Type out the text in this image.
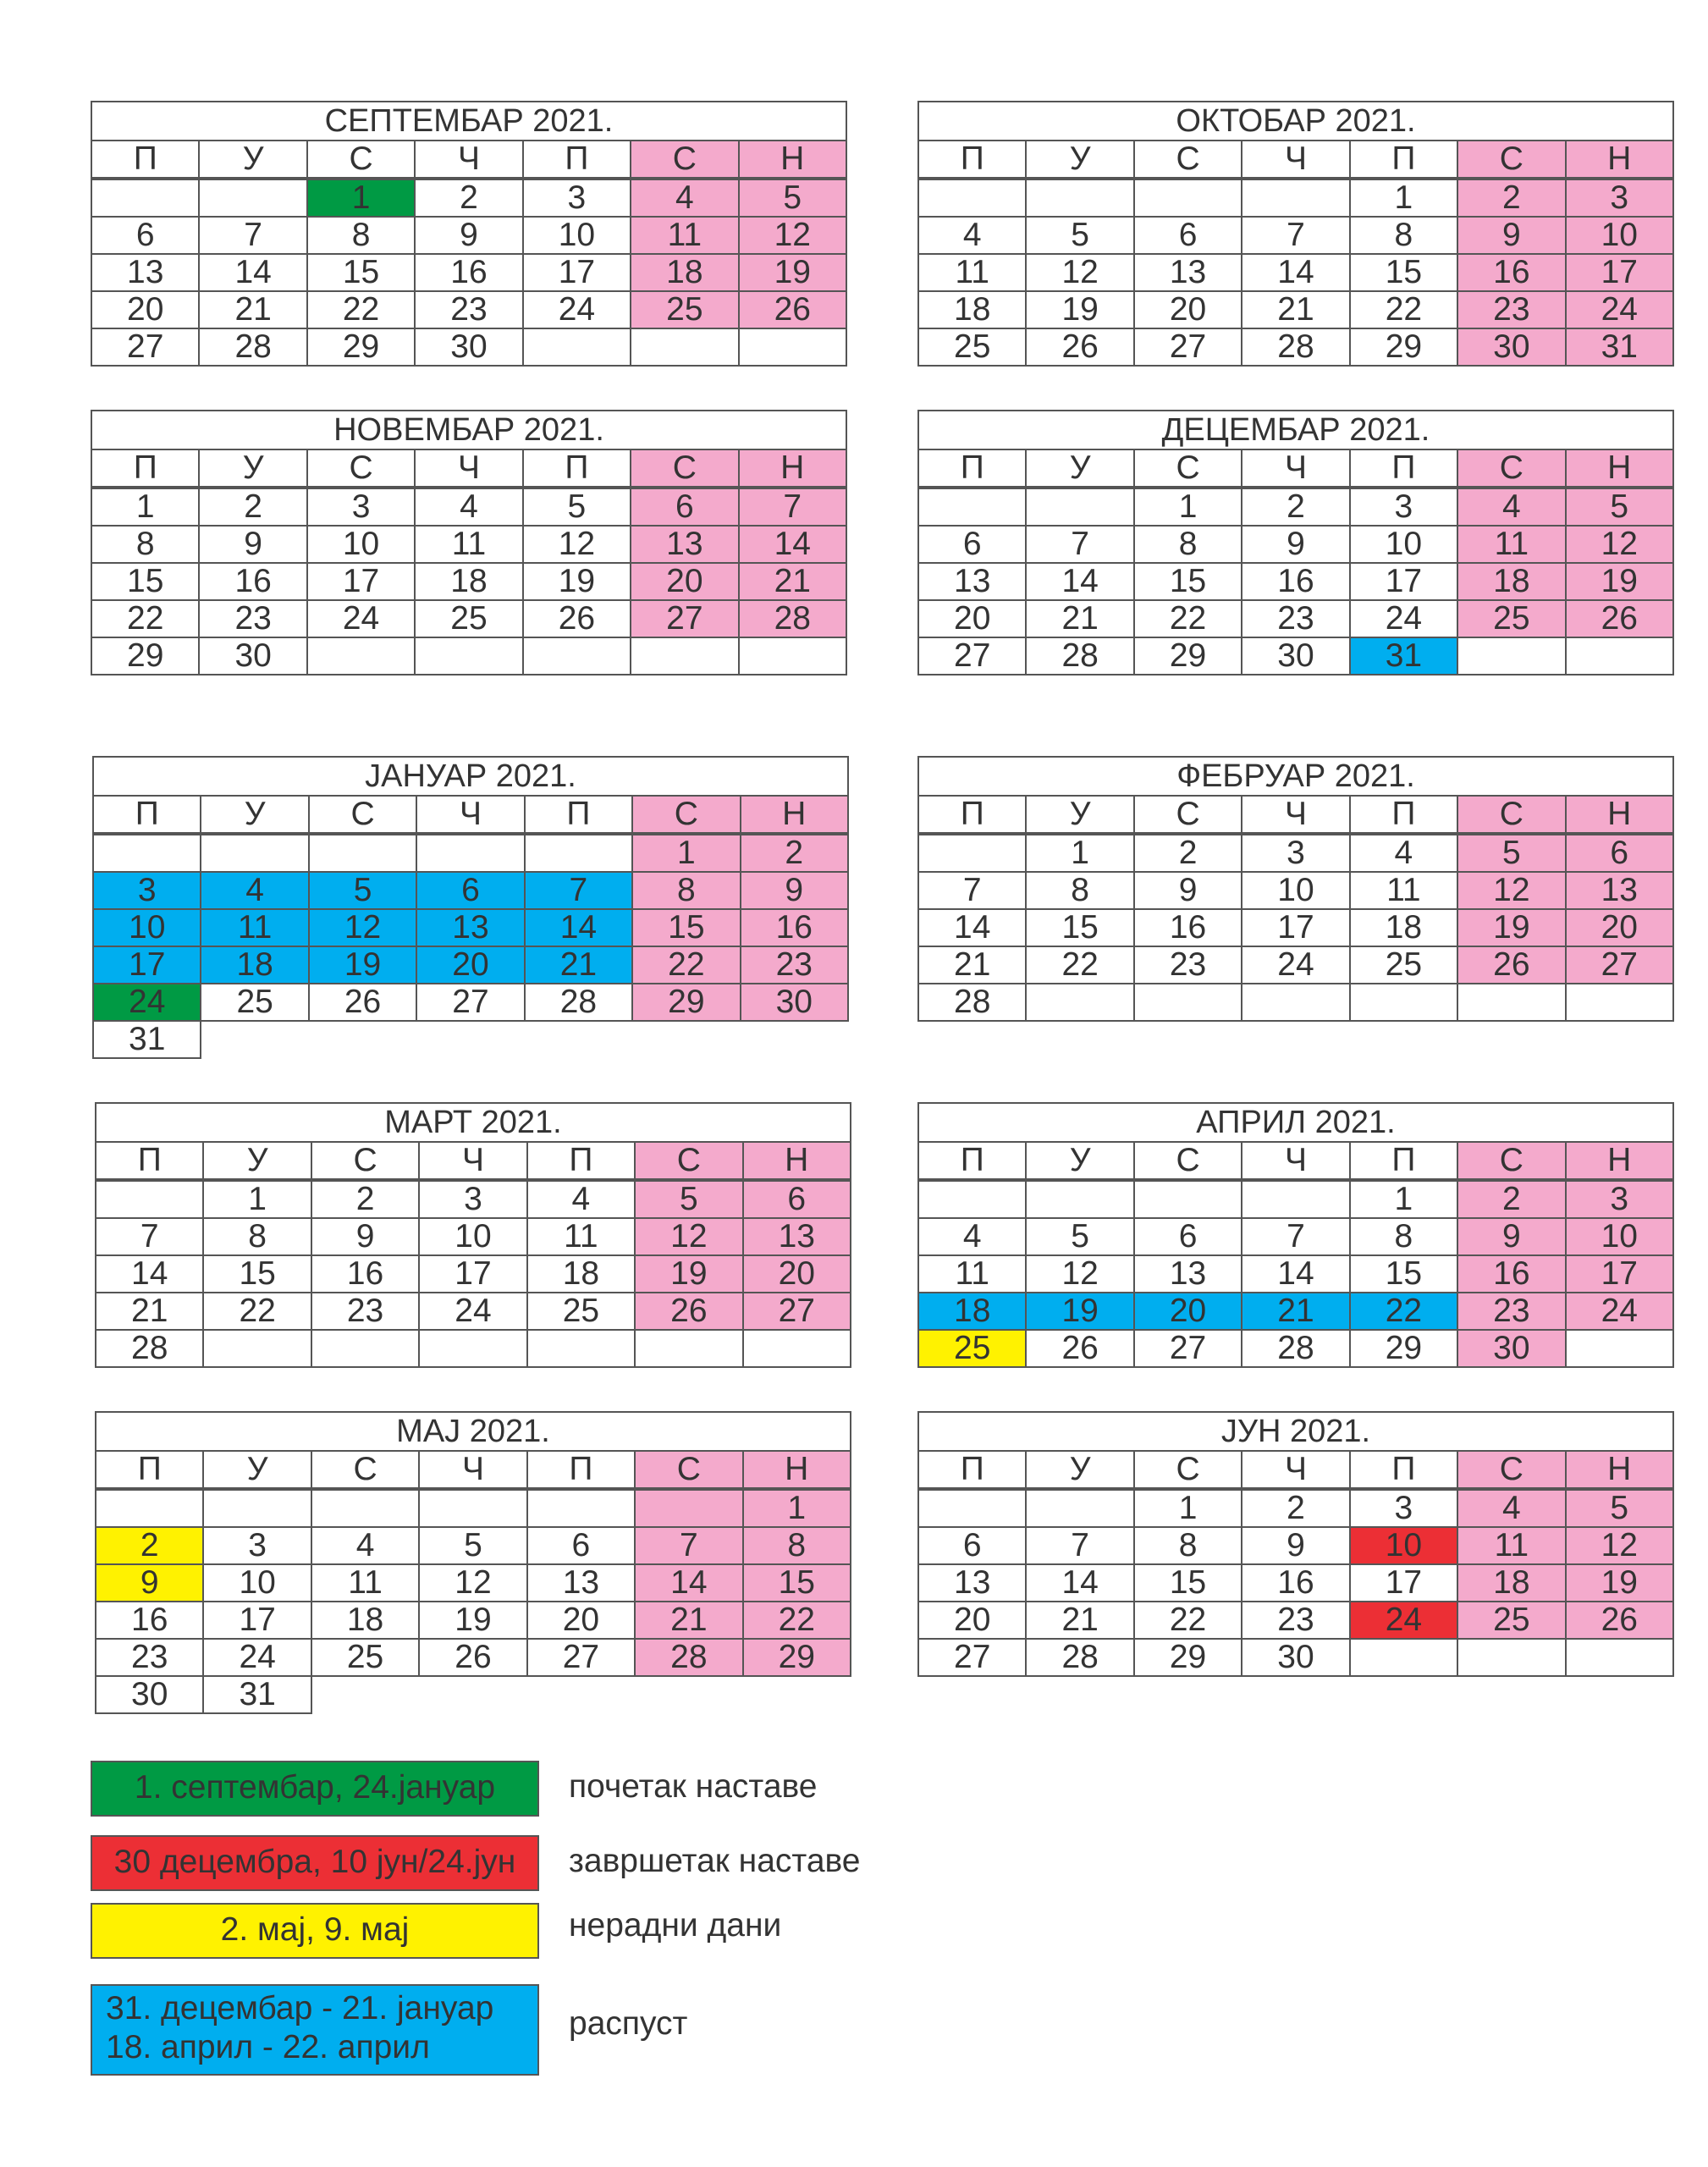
СЕПТЕМБАР 2021.						
П	У	С	Ч	П	С	Н
		1	2	3	4	5
6	7	8	9	10	11	12
13	14	15	16	17	18	19
20	21	22	23	24	25	26
27	28	29	30			
ОКТОБАР 2021.						
П	У	С	Ч	П	С	Н
				1	2	3
4	5	6	7	8	9	10
11	12	13	14	15	16	17
18	19	20	21	22	23	24
25	26	27	28	29	30	31
НОВЕМБАР 2021.						
П	У	С	Ч	П	С	Н
1	2	3	4	5	6	7
8	9	10	11	12	13	14
15	16	17	18	19	20	21
22	23	24	25	26	27	28
29	30					
ДЕЦЕМБАР 2021.						
П	У	С	Ч	П	С	Н
		1	2	3	4	5
6	7	8	9	10	11	12
13	14	15	16	17	18	19
20	21	22	23	24	25	26
27	28	29	30	31		
ЈАНУАР 2021.						
П	У	С	Ч	П	С	Н
					1	2
3	4	5	6	7	8	9
10	11	12	13	14	15	16
17	18	19	20	21	22	23
24	25	26	27	28	29	30
31						
ФЕБРУАР 2021.						
П	У	С	Ч	П	С	Н
	1	2	3	4	5	6
7	8	9	10	11	12	13
14	15	16	17	18	19	20
21	22	23	24	25	26	27
28						
МАРТ 2021.						
П	У	С	Ч	П	С	Н
	1	2	3	4	5	6
7	8	9	10	11	12	13
14	15	16	17	18	19	20
21	22	23	24	25	26	27
28						
АПРИЛ 2021.						
П	У	С	Ч	П	С	Н
				1	2	3
4	5	6	7	8	9	10
11	12	13	14	15	16	17
18	19	20	21	22	23	24
25	26	27	28	29	30	
МАЈ 2021.						
П	У	С	Ч	П	С	Н
						1
2	3	4	5	6	7	8
9	10	11	12	13	14	15
16	17	18	19	20	21	22
23	24	25	26	27	28	29
30	31					
ЈУН 2021.						
П	У	С	Ч	П	С	Н
		1	2	3	4	5
6	7	8	9	10	11	12
13	14	15	16	17	18	19
20	21	22	23	24	25	26
27	28	29	30			
1. септембар, 24.јануар	почетак наставе
30 децембра, 10 јун/24.јун	завршетак наставе
2. мај, 9. мај	нерадни дани
31. децембар - 21. јануар
18. април - 22. април
распуст
